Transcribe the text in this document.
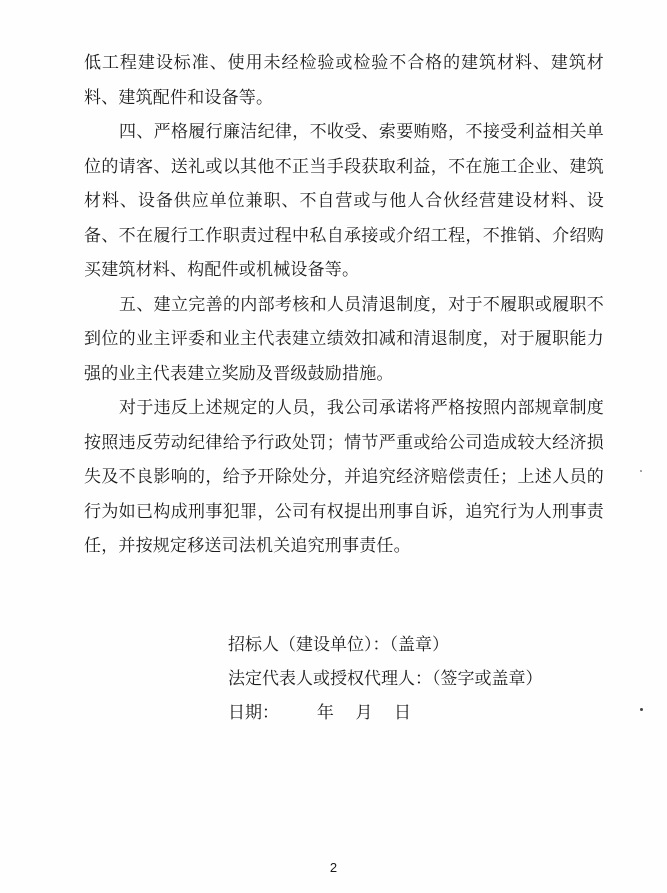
低工程建设标准、使用未经检验或检验不合格的建筑材料、建筑材料、建筑配件和设备等。

四、严格履行廉洁纪律，不收受、索要贿赂，不接受利益相关单位的请客、送礼或以其他不正当手段获取利益，不在施工企业、建筑材料、设备供应单位兼职、不自营或与他人合伙经营建设材料、设备、不在履行工作职责过程中私自承接或介绍工程，不推销、介绍购买建筑材料、构配件或机械设备等。

五、建立完善的内部考核和人员清退制度，对于不履职或履职不到位的业主评委和业主代表建立绩效扣减和清退制度，对于履职能力强的业主代表建立奖励及晋级鼓励措施。

对于违反上述规定的人员，我公司承诺将严格按照内部规章制度按照违反劳动纪律给予行政处罚；情节严重或给公司造成较大经济损失及不良影响的，给予开除处分，并追究经济赔偿责任；上述人员的行为如已构成刑事犯罪，公司有权提出刑事自诉，追究行为人刑事责任，并按规定移送司法机关追究刑事责任。

招标人（建设单位）：（盖章）
法定代表人或授权代理人：（签字或盖章）
日期：       年    月    日
2
